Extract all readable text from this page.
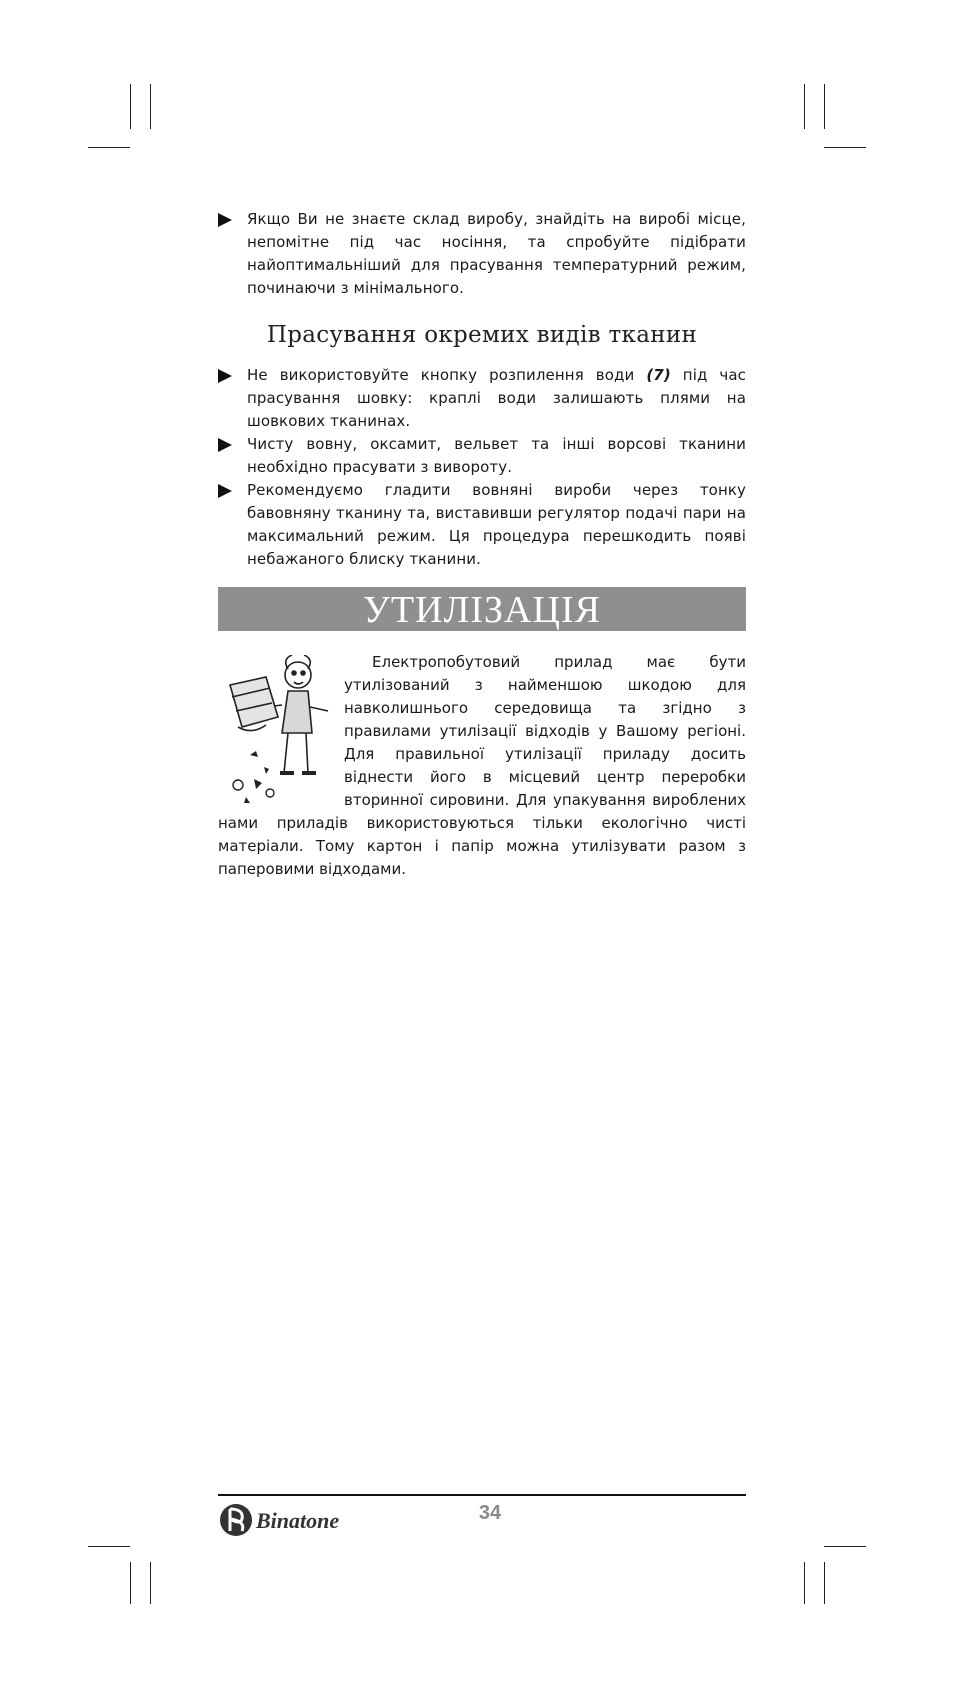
Якщо Ви не знаєте склад виробу, знайдіть на виробі місце, непомітне під час носіння, та спробуйте підібрати найоптимальніший для прасування температурний режим, починаючи з мінімального.
Прасування окремих видів тканин
Не використовуйте кнопку розпилення води (7) під час прасування шовку: краплі води залишають плями на шовкових тканинах.
Чисту вовну, оксамит, вельвет та інші ворсові тканини необхідно прасувати з вивороту.
Рекомендуємо гладити вовняні вироби через тонку бавовняну тканину та, виставивши регулятор подачі пари на максимальний режим. Ця процедура перешкодить появі небажаного блиску тканини.
УТИЛІЗАЦІЯ

Електропобутовий прилад має бути утилізований з найменшою шкодою для навколишнього середовища та згідно з правилами утилізації відходів у Вашому регіоні. Для правильної утилізації приладу досить віднести його в місцевий центр переробки вторинної сировини. Для упакування вироблених нами приладів використовуються тільки екологічно чисті матеріали. Тому картон і папір можна утилізувати разом з паперовими відходами.

Binatone	34
